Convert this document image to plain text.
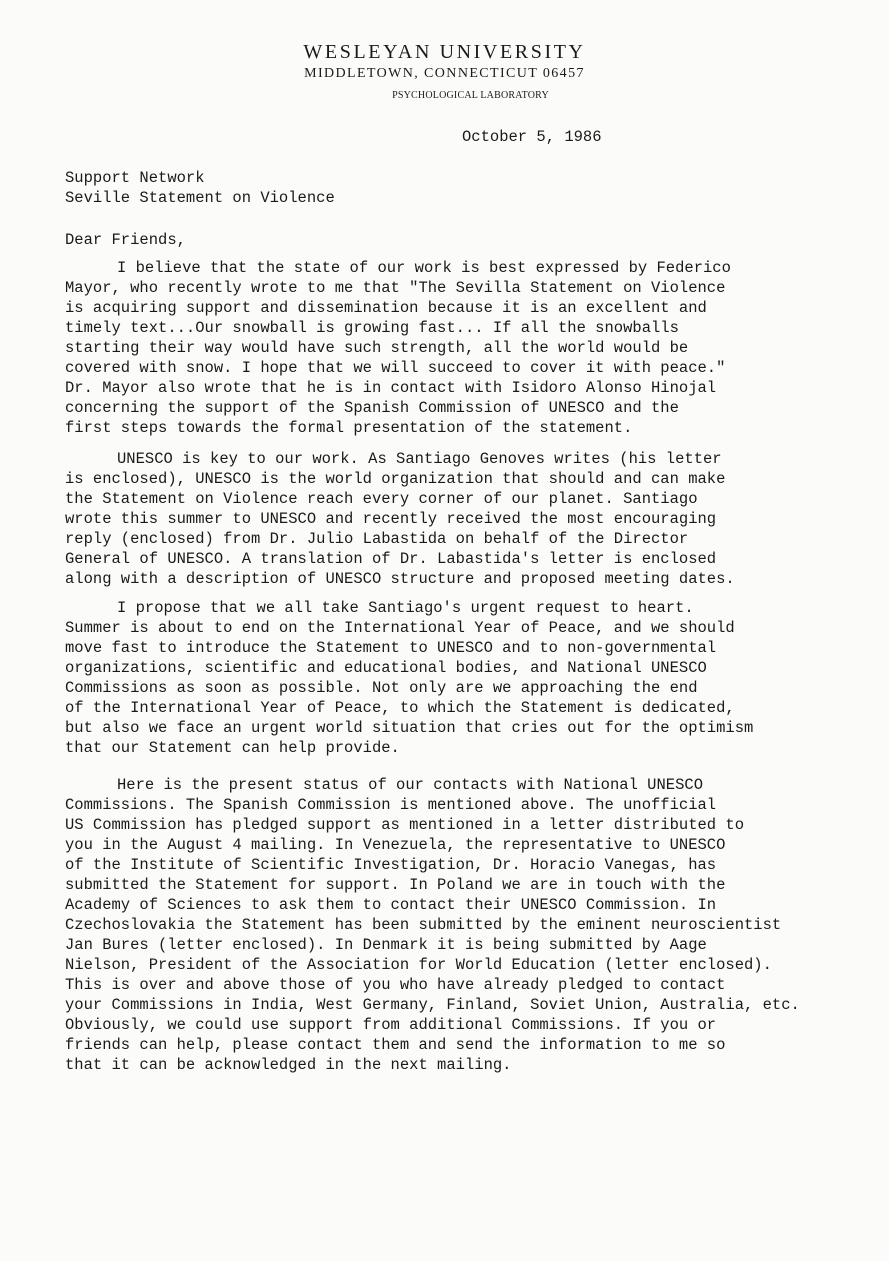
WESLEYAN UNIVERSITY
MIDDLETOWN, CONNECTICUT 06457
PSYCHOLOGICAL LABORATORY
October 5, 1986
Support Network
Seville Statement on Violence
Dear Friends,
I believe that the state of our work is best expressed by Federico
Mayor, who recently wrote to me that "The Sevilla Statement on Violence
is acquiring support and dissemination because it is an excellent and
timely text...Our snowball is growing fast... If all the snowballs
starting their way would have such strength, all the world would be
covered with snow. I hope that we will succeed to cover it with peace."
Dr. Mayor also wrote that he is in contact with Isidoro Alonso Hinojal
concerning the support of the Spanish Commission of UNESCO and the
first steps towards the formal presentation of the statement.
UNESCO is key to our work. As Santiago Genoves writes (his letter
is enclosed), UNESCO is the world organization that should and can make
the Statement on Violence reach every corner of our planet. Santiago
wrote this summer to UNESCO and recently received the most encouraging
reply (enclosed) from Dr. Julio Labastida on behalf of the Director
General of UNESCO. A translation of Dr. Labastida's letter is enclosed
along with a description of UNESCO structure and proposed meeting dates.
I propose that we all take Santiago's urgent request to heart.
Summer is about to end on the International Year of Peace, and we should
move fast to introduce the Statement to UNESCO and to non-governmental
organizations, scientific and educational bodies, and National UNESCO
Commissions as soon as possible. Not only are we approaching the end
of the International Year of Peace, to which the Statement is dedicated,
but also we face an urgent world situation that cries out for the optimism
that our Statement can help provide.
Here is the present status of our contacts with National UNESCO
Commissions. The Spanish Commission is mentioned above. The unofficial
US Commission has pledged support as mentioned in a letter distributed to
you in the August 4 mailing. In Venezuela, the representative to UNESCO
of the Institute of Scientific Investigation, Dr. Horacio Vanegas, has
submitted the Statement for support. In Poland we are in touch with the
Academy of Sciences to ask them to contact their UNESCO Commission. In
Czechoslovakia the Statement has been submitted by the eminent neuroscientist
Jan Bures (letter enclosed). In Denmark it is being submitted by Aage
Nielson, President of the Association for World Education (letter enclosed).
This is over and above those of you who have already pledged to contact
your Commissions in India, West Germany, Finland, Soviet Union, Australia, etc.
Obviously, we could use support from additional Commissions. If you or
friends can help, please contact them and send the information to me so
that it can be acknowledged in the next mailing.
